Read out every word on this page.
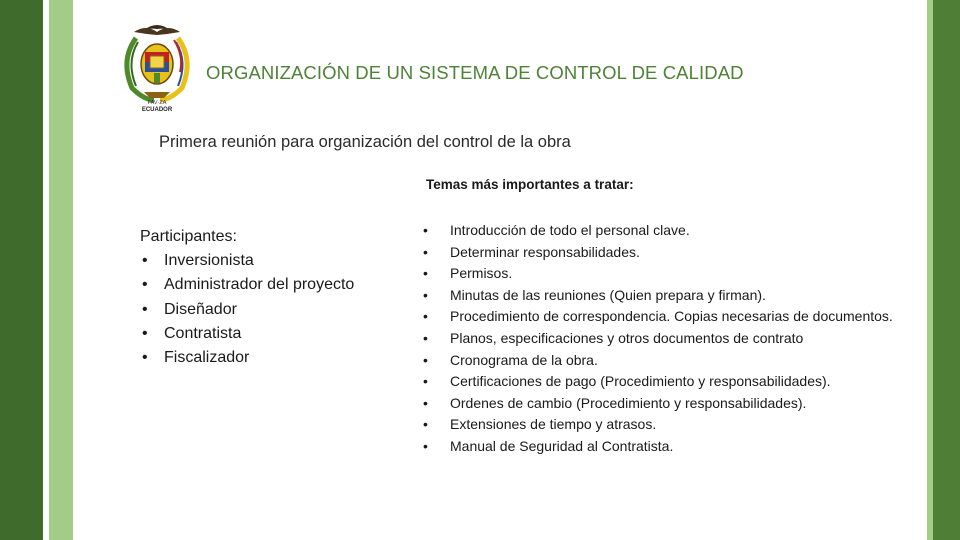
FAV·ZA
ECUADOR
ORGANIZACIÓN DE UN SISTEMA DE CONTROL DE CALIDAD
Primera reunión para organización del control de la obra
Temas más importantes a tratar:
Participantes:
• Inversionista
• Administrador del proyecto
• Diseñador
• Contratista
• Fiscalizador
• Introducción de todo el personal clave.
• Determinar responsabilidades.
• Permisos.
• Minutas de las reuniones (Quien prepara y firman).
• Procedimiento de correspondencia. Copias necesarias de documentos.
• Planos, especificaciones y otros documentos de contrato
• Cronograma de la obra.
• Certificaciones de pago (Procedimiento y responsabilidades).
• Ordenes de cambio (Procedimiento y responsabilidades).
• Extensiones de tiempo y atrasos.
• Manual de Seguridad al Contratista.
